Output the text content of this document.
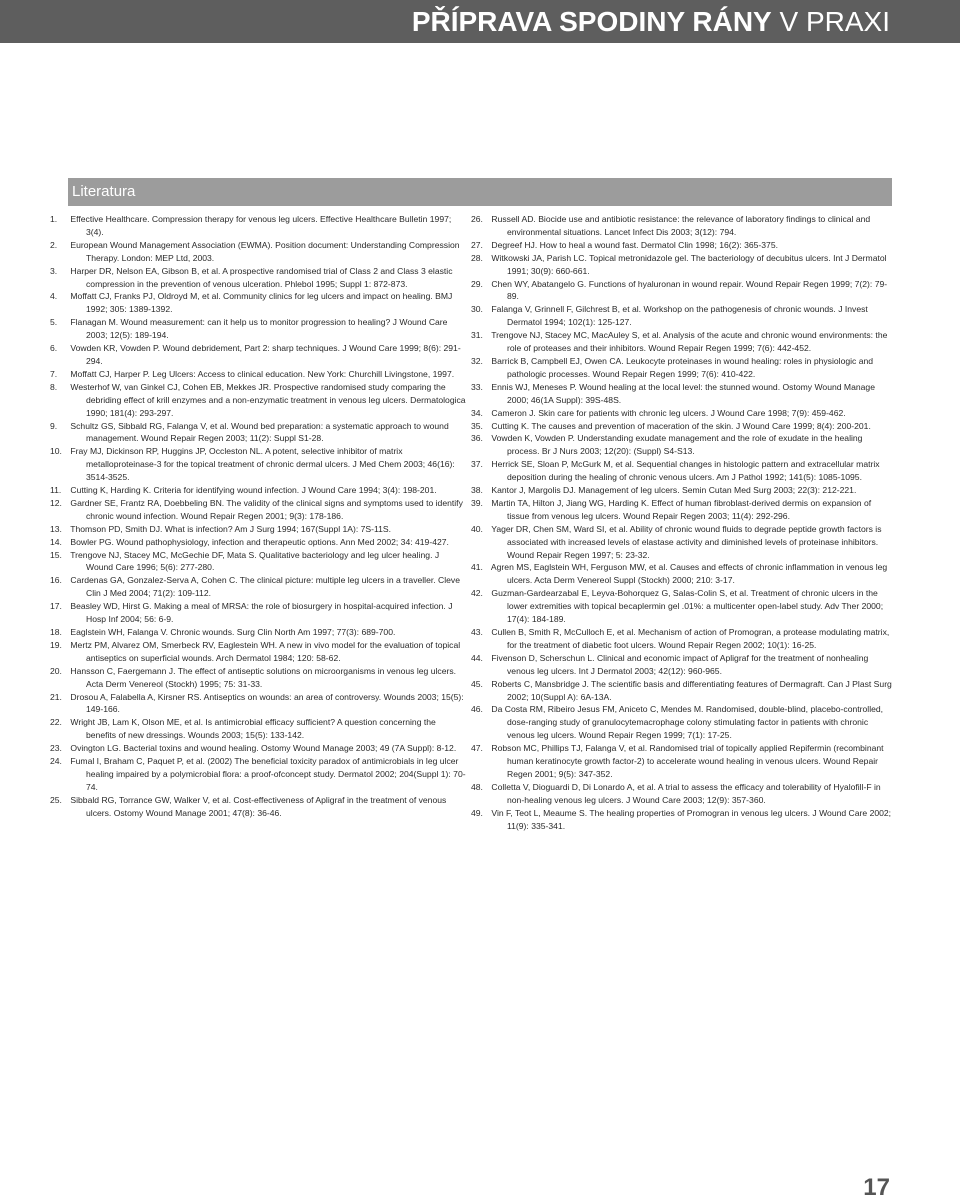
PŘÍPRAVA SPODINY RÁNY V PRAXI
Literatura

1. Effective Healthcare. Compression therapy for venous leg ulcers. Effective Healthcare Bulletin 1997; 3(4).

2. European Wound Management Association (EWMA). Position document: Understanding Compression Therapy. London: MEP Ltd, 2003.

3. Harper DR, Nelson EA, Gibson B, et al. A prospective randomised trial of Class 2 and Class 3 elastic compression in the prevention of venous ulceration. Phlebol 1995; Suppl 1: 872-873.

4. Moffatt CJ, Franks PJ, Oldroyd M, et al. Community clinics for leg ulcers and impact on healing. BMJ 1992; 305: 1389-1392.

5. Flanagan M. Wound measurement: can it help us to monitor progression to healing? J Wound Care 2003; 12(5): 189-194.

6. Vowden KR, Vowden P. Wound debridement, Part 2: sharp techniques. J Wound Care 1999; 8(6): 291-294.

7. Moffatt CJ, Harper P. Leg Ulcers: Access to clinical education. New York: Churchill Livingstone, 1997.

8. Westerhof W, van Ginkel CJ, Cohen EB, Mekkes JR. Prospective randomised study comparing the debriding effect of krill enzymes and a non-enzymatic treatment in venous leg ulcers. Dermatologica 1990; 181(4): 293-297.

9. Schultz GS, Sibbald RG, Falanga V, et al. Wound bed preparation: a systematic approach to wound management. Wound Repair Regen 2003; 11(2): Suppl S1-28.

10. Fray MJ, Dickinson RP, Huggins JP, Occleston NL. A potent, selective inhibitor of matrix metalloproteinase-3 for the topical treatment of chronic dermal ulcers. J Med Chem 2003; 46(16): 3514-3525.

11. Cutting K, Harding K. Criteria for identifying wound infection. J Wound Care 1994; 3(4): 198-201.

12. Gardner SE, Frantz RA, Doebbeling BN. The validity of the clinical signs and symptoms used to identify chronic wound infection. Wound Repair Regen 2001; 9(3): 178-186.

13. Thomson PD, Smith DJ. What is infection? Am J Surg 1994; 167(Suppl 1A): 7S-11S.

14. Bowler PG. Wound pathophysiology, infection and therapeutic options. Ann Med 2002; 34: 419-427.

15. Trengove NJ, Stacey MC, McGechie DF, Mata S. Qualitative bacteriology and leg ulcer healing. J Wound Care 1996; 5(6): 277-280.

16. Cardenas GA, Gonzalez-Serva A, Cohen C. The clinical picture: multiple leg ulcers in a traveller. Cleve Clin J Med 2004; 71(2): 109-112.

17. Beasley WD, Hirst G. Making a meal of MRSA: the role of biosurgery in hospital-acquired infection. J Hosp Inf 2004; 56: 6-9.

18. Eaglstein WH, Falanga V. Chronic wounds. Surg Clin North Am 1997; 77(3): 689-700.

19. Mertz PM, Alvarez OM, Smerbeck RV, Eaglestein WH. A new in vivo model for the evaluation of topical antiseptics on superficial wounds. Arch Dermatol 1984; 120: 58-62.

20. Hansson C, Faergemann J. The effect of antiseptic solutions on microorganisms in venous leg ulcers. Acta Derm Venereol (Stockh) 1995; 75: 31-33.

21. Drosou A, Falabella A, Kirsner RS. Antiseptics on wounds: an area of controversy. Wounds 2003; 15(5): 149-166.

22. Wright JB, Lam K, Olson ME, et al. Is antimicrobial efficacy sufficient? A question concerning the benefits of new dressings. Wounds 2003; 15(5): 133-142.

23. Ovington LG. Bacterial toxins and wound healing. Ostomy Wound Manage 2003; 49 (7A Suppl): 8-12.

24. Fumal I, Braham C, Paquet P, et al. (2002) The beneficial toxicity paradox of antimicrobials in leg ulcer healing impaired by a polymicrobial flora: a proof-ofconcept study. Dermatol 2002; 204(Suppl 1): 70-74.

25. Sibbald RG, Torrance GW, Walker V, et al. Cost-effectiveness of Apligraf in the treatment of venous ulcers. Ostomy Wound Manage 2001; 47(8): 36-46.

26. Russell AD. Biocide use and antibiotic resistance: the relevance of laboratory findings to clinical and environmental situations. Lancet Infect Dis 2003; 3(12): 794.

27. Degreef HJ. How to heal a wound fast. Dermatol Clin 1998; 16(2): 365-375.

28. Witkowski JA, Parish LC. Topical metronidazole gel. The bacteriology of decubitus ulcers. Int J Dermatol 1991; 30(9): 660-661.

29. Chen WY, Abatangelo G. Functions of hyaluronan in wound repair. Wound Repair Regen 1999; 7(2): 79-89.

30. Falanga V, Grinnell F, Gilchrest B, et al. Workshop on the pathogenesis of chronic wounds. J Invest Dermatol 1994; 102(1): 125-127.

31. Trengove NJ, Stacey MC, MacAuley S, et al. Analysis of the acute and chronic wound environments: the role of proteases and their inhibitors. Wound Repair Regen 1999; 7(6): 442-452.

32. Barrick B, Campbell EJ, Owen CA. Leukocyte proteinases in wound healing: roles in physiologic and pathologic processes. Wound Repair Regen 1999; 7(6): 410-422.

33. Ennis WJ, Meneses P. Wound healing at the local level: the stunned wound. Ostomy Wound Manage 2000; 46(1A Suppl): 39S-48S.

34. Cameron J. Skin care for patients with chronic leg ulcers. J Wound Care 1998; 7(9): 459-462.

35. Cutting K. The causes and prevention of maceration of the skin. J Wound Care 1999; 8(4): 200-201.

36. Vowden K, Vowden P. Understanding exudate management and the role of exudate in the healing process. Br J Nurs 2003; 12(20): (Suppl) S4-S13.

37. Herrick SE, Sloan P, McGurk M, et al. Sequential changes in histologic pattern and extracellular matrix deposition during the healing of chronic venous ulcers. Am J Pathol 1992; 141(5): 1085-1095.

38. Kantor J, Margolis DJ. Management of leg ulcers. Semin Cutan Med Surg 2003; 22(3): 212-221.

39. Martin TA, Hilton J, Jiang WG, Harding K. Effect of human fibroblast-derived dermis on expansion of tissue from venous leg ulcers. Wound Repair Regen 2003; 11(4): 292-296.

40. Yager DR, Chen SM, Ward SI, et al. Ability of chronic wound fluids to degrade peptide growth factors is associated with increased levels of elastase activity and diminished levels of proteinase inhibitors. Wound Repair Regen 1997; 5: 23-32.

41. Agren MS, Eaglstein WH, Ferguson MW, et al. Causes and effects of chronic inflammation in venous leg ulcers. Acta Derm Venereol Suppl (Stockh) 2000; 210: 3-17.

42. Guzman-Gardearzabal E, Leyva-Bohorquez G, Salas-Colin S, et al. Treatment of chronic ulcers in the lower extremities with topical becaplermin gel .01%: a multicenter open-label study. Adv Ther 2000; 17(4): 184-189.

43. Cullen B, Smith R, McCulloch E, et al. Mechanism of action of Promogran, a protease modulating matrix, for the treatment of diabetic foot ulcers. Wound Repair Regen 2002; 10(1): 16-25.

44. Fivenson D, Scherschun L. Clinical and economic impact of Apligraf for the treatment of nonhealing venous leg ulcers. Int J Dermatol 2003; 42(12): 960-965.

45. Roberts C, Mansbridge J. The scientific basis and differentiating features of Dermagraft. Can J Plast Surg 2002; 10(Suppl A): 6A-13A.

46. Da Costa RM, Ribeiro Jesus FM, Aniceto C, Mendes M. Randomised, double-blind, placebo-controlled, dose-ranging study of granulocytemacrophage colony stimulating factor in patients with chronic venous leg ulcers. Wound Repair Regen 1999; 7(1): 17-25.

47. Robson MC, Phillips TJ, Falanga V, et al. Randomised trial of topically applied Repifermin (recombinant human keratinocyte growth factor-2) to accelerate wound healing in venous ulcers. Wound Repair Regen 2001; 9(5): 347-352.

48. Colletta V, Dioguardi D, Di Lonardo A, et al. A trial to assess the efficacy and tolerability of Hyalofill-F in non-healing venous leg ulcers. J Wound Care 2003; 12(9): 357-360.

49. Vin F, Teot L, Meaume S. The healing properties of Promogran in venous leg ulcers. J Wound Care 2002; 11(9): 335-341.

17
